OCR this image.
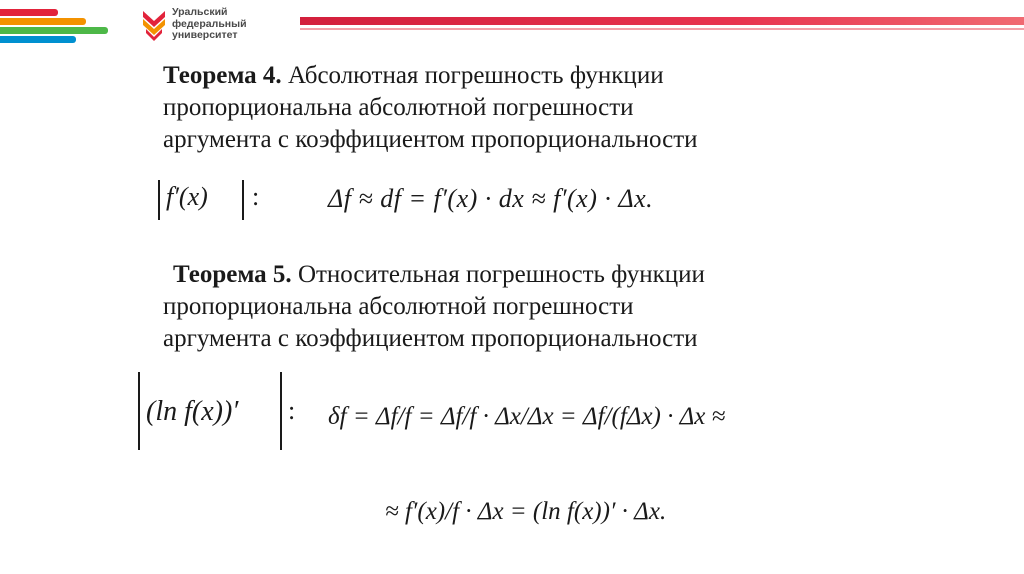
Уральский
федеральный
университет
Теорема 4. Абсолютная погрешность функции
пропорциональна абсолютной погрешности
аргумента с коэффициентом пропорциональности
f′(x) :	Δf ≈ df = f′(x) · dx ≈ f′(x) · Δx.
Теорема 5. Относительная погрешность функции
пропорциональна абсолютной погрешности
аргумента с коэффициентом пропорциональности
(ln f(x))′ : δf = Δf/f = Δf/f · Δx/Δx = Δf/(fΔx) · Δx ≈
≈ f′(x)/f · Δx = (ln f(x))′ · Δx.
